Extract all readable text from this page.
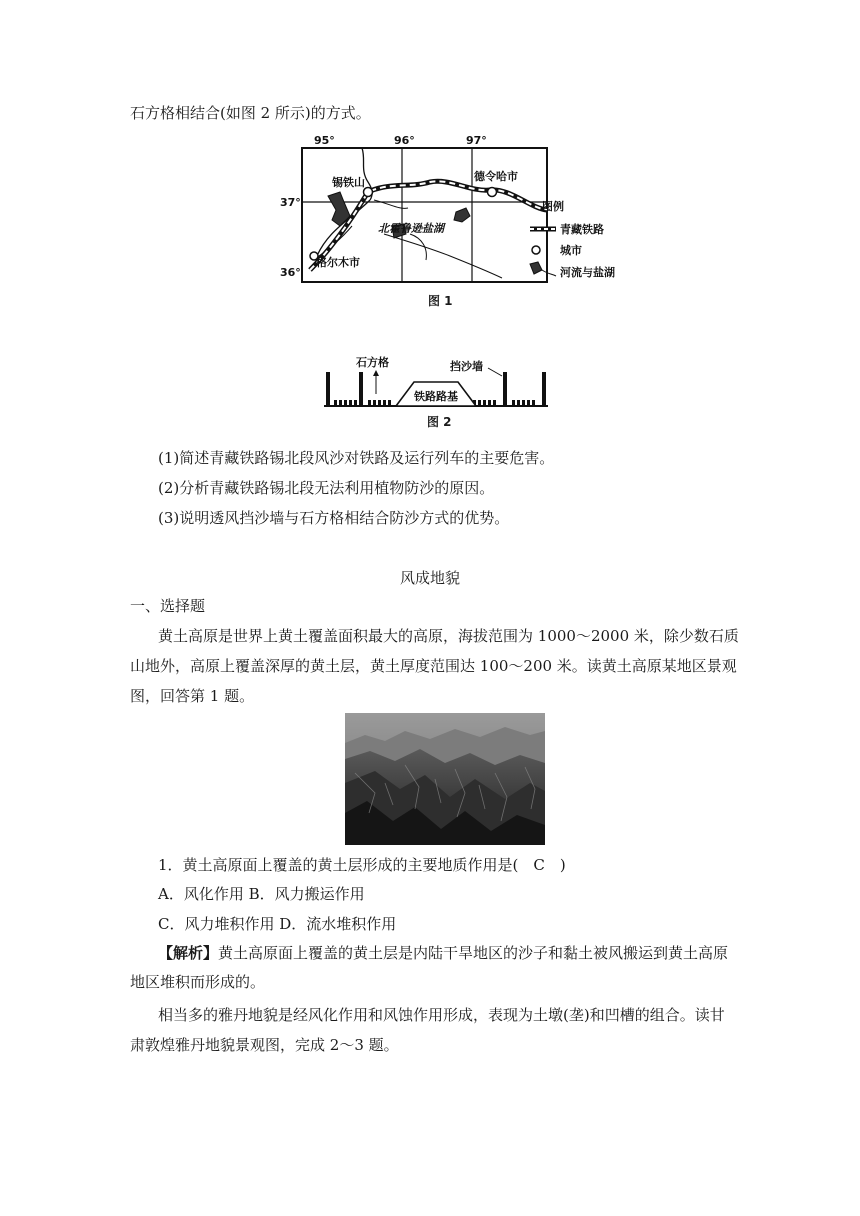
石方格相结合(如图 2 所示)的方式。
95°	96°	97°
37°
36°
锡铁山	德令哈市
格尔木市
北霍鲁逊盐湖
图例
青藏铁路
城市
河流与盐湖
图 1
铁路路基
石方格	挡沙墙
图 2
(1)简述青藏铁路锡北段风沙对铁路及运行列车的主要危害。
(2)分析青藏铁路锡北段无法利用植物防沙的原因。
(3)说明透风挡沙墙与石方格相结合防沙方式的优势。
风成地貌
一、选择题
黄土高原是世界上黄土覆盖面积最大的高原，海拔范围为 1000～2000 米，除少数石质
山地外，高原上覆盖深厚的黄土层，黄土厚度范围达 100～200 米。读黄土高原某地区景观
图，回答第 1 题。
1．黄土高原面上覆盖的黄土层形成的主要地质作用是(　C　)
A．风化作用 B．风力搬运作用
C．风力堆积作用 D．流水堆积作用
【解析】黄土高原面上覆盖的黄土层是内陆干旱地区的沙子和黏土被风搬运到黄土高原
地区堆积而形成的。
相当多的雅丹地貌是经风化作用和风蚀作用形成，表现为土墩(垄)和凹槽的组合。读甘
肃敦煌雅丹地貌景观图，完成 2～3 题。
